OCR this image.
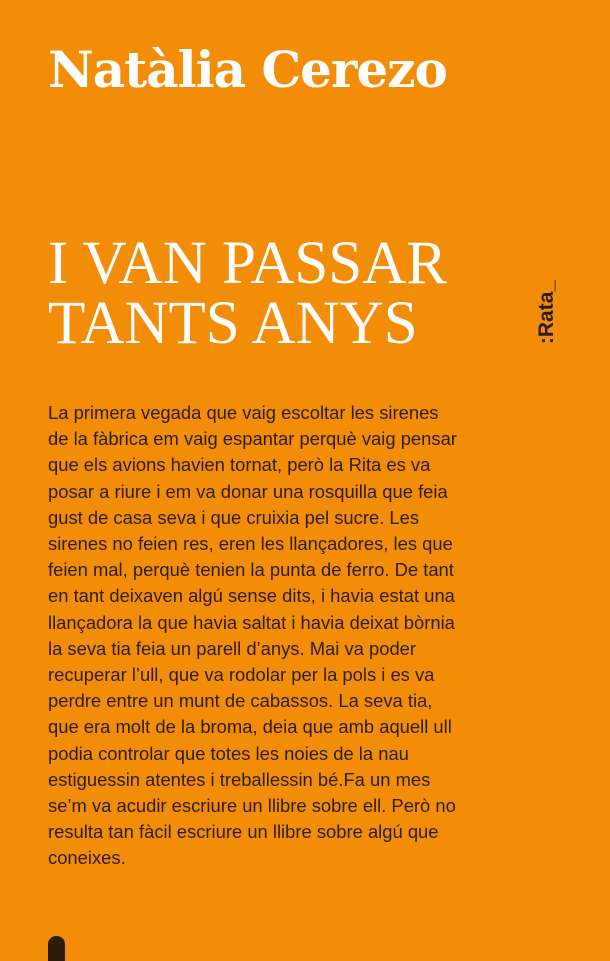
Natàlia Cerezo
I VAN PASSAR
TANTS ANYS	:Rata_
La primera vegada que vaig escoltar les sirenes
de la fàbrica em vaig espantar perquè vaig pensar
que els avions havien tornat, però la Rita es va
posar a riure i em va donar una rosquilla que feia
gust de casa seva i que cruixia pel sucre. Les
sirenes no feien res, eren les llançadores, les que
feien mal, perquè tenien la punta de ferro. De tant
en tant deixaven algú sense dits, i havia estat una
llançadora la que havia saltat i havia deixat bòrnia
la seva tia feia un parell d’anys. Mai va poder
recuperar l’ull, que va rodolar per la pols i es va
perdre entre un munt de cabassos. La seva tia,
que era molt de la broma, deia que amb aquell ull
podia controlar que totes les noies de la nau
estiguessin atentes i treballessin bé.Fa un mes
se’m va acudir escriure un llibre sobre ell. Però no
resulta tan fàcil escriure un llibre sobre algú que
coneixes.
